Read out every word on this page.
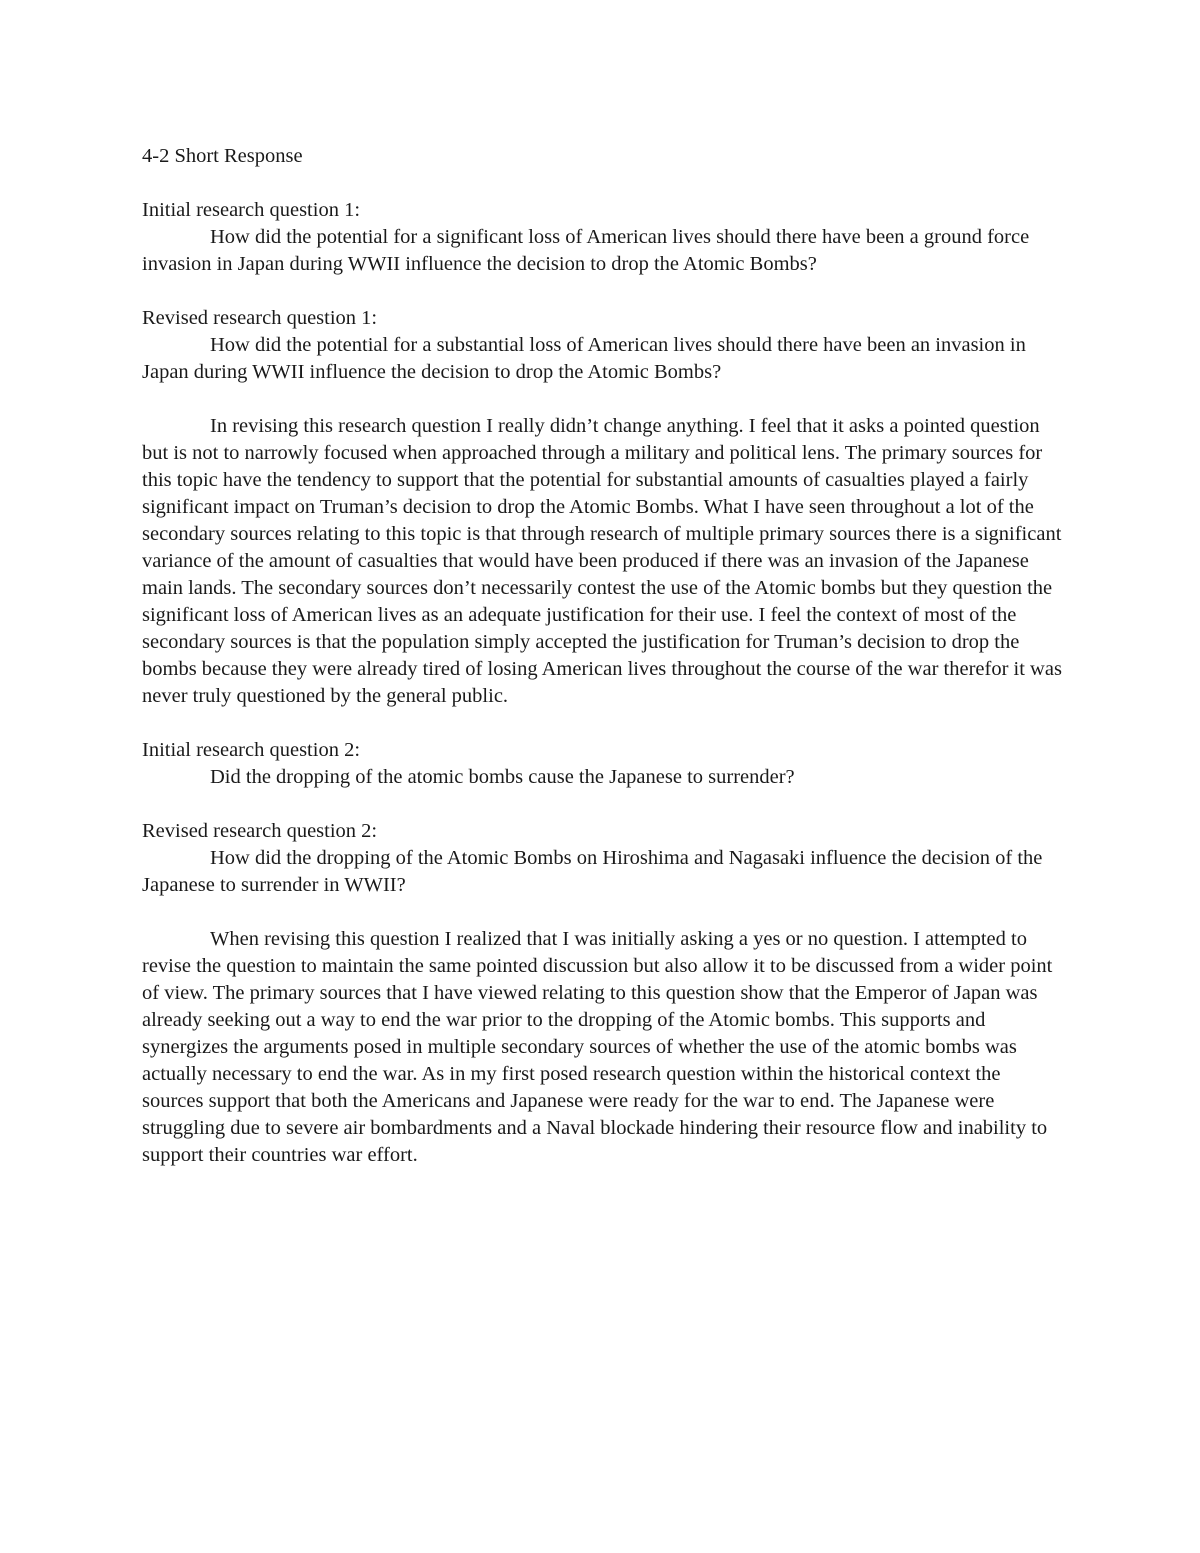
4-2 Short Response

Initial research question 1:

How did the potential for a significant loss of American lives should there have been a ground force invasion in Japan during WWII influence the decision to drop the Atomic Bombs?

Revised research question 1:

How did the potential for a substantial loss of American lives should there have been an invasion in Japan during WWII influence the decision to drop the Atomic Bombs?

In revising this research question I really didn’t change anything. I feel that it asks a pointed question but is not to narrowly focused when approached through a military and political lens. The primary sources for this topic have the tendency to support that the potential for substantial amounts of casualties played a fairly significant impact on Truman’s decision to drop the Atomic Bombs. What I have seen throughout a lot of the secondary sources relating to this topic is that through research of multiple primary sources there is a significant variance of the amount of casualties that would have been produced if there was an invasion of the Japanese main lands. The secondary sources don’t necessarily contest the use of the Atomic bombs but they question the significant loss of American lives as an adequate justification for their use. I feel the context of most of the secondary sources is that the population simply accepted the justification for Truman’s decision to drop the bombs because they were already tired of losing American lives throughout the course of the war therefor it was never truly questioned by the general public.

Initial research question 2:

Did the dropping of the atomic bombs cause the Japanese to surrender?

Revised research question 2:

How did the dropping of the Atomic Bombs on Hiroshima and Nagasaki influence the decision of the Japanese to surrender in WWII?

When revising this question I realized that I was initially asking a yes or no question. I attempted to revise the question to maintain the same pointed discussion but also allow it to be discussed from a wider point of view. The primary sources that I have viewed relating to this question show that the Emperor of Japan was already seeking out a way to end the war prior to the dropping of the Atomic bombs. This supports and synergizes the arguments posed in multiple secondary sources of whether the use of the atomic bombs was actually necessary to end the war. As in my first posed research question within the historical context the sources support that both the Americans and Japanese were ready for the war to end. The Japanese were struggling due to severe air bombardments and a Naval blockade hindering their resource flow and inability to support their countries war effort.
